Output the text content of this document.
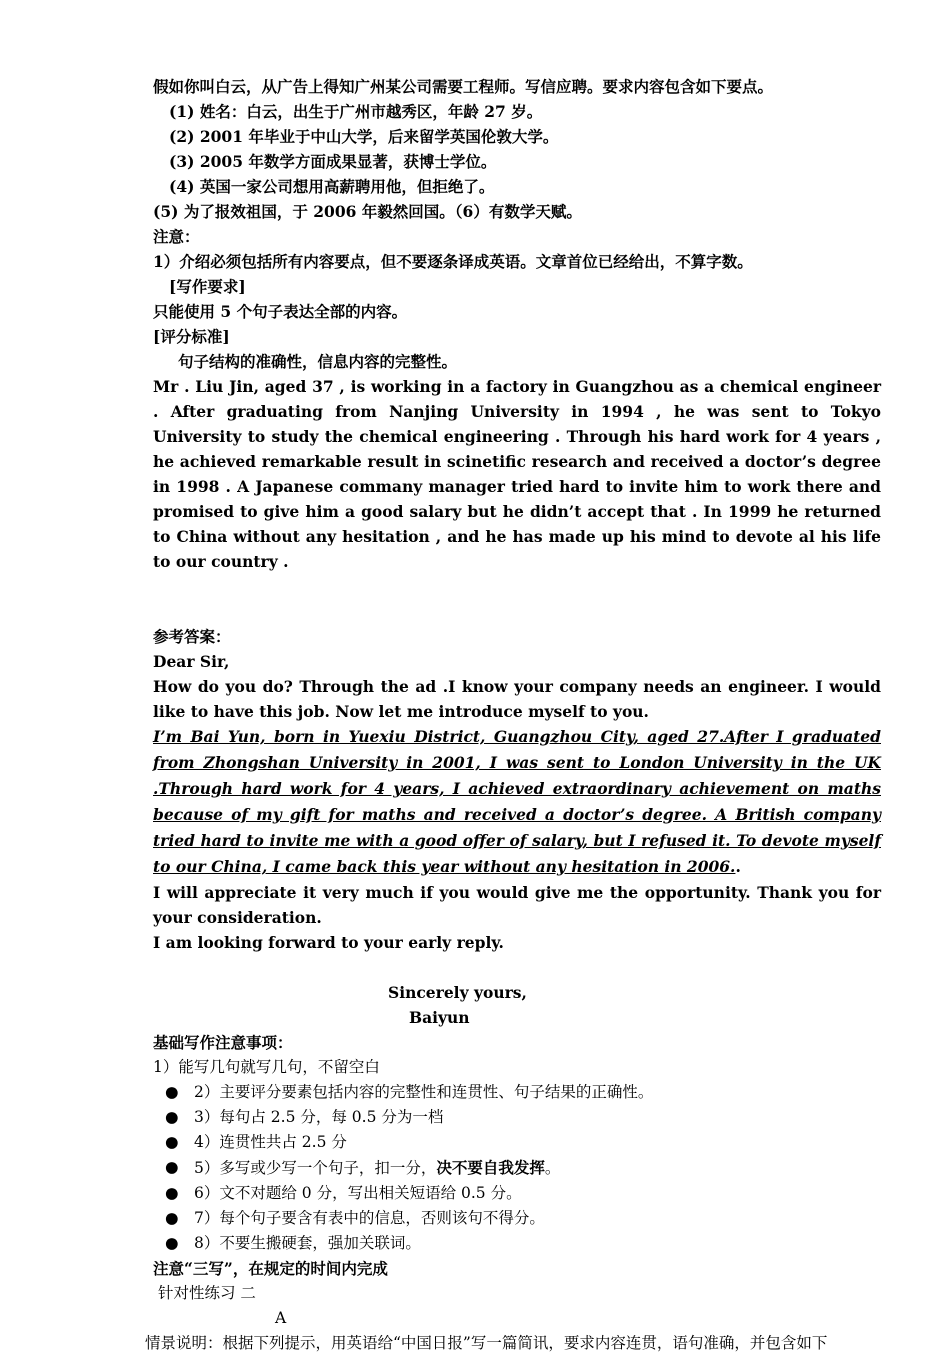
假如你叫白云，从广告上得知广州某公司需要工程师。写信应聘。要求内容包含如下要点。
(1) 姓名：白云，出生于广州市越秀区，年龄 27 岁。
(2) 2001 年毕业于中山大学，后来留学英国伦敦大学。
(3) 2005 年数学方面成果显著，获博士学位。
(4) 英国一家公司想用高薪聘用他，但拒绝了。
(5) 为了报效祖国，于 2006 年毅然回国。（6）有数学天赋。
注意：
1）介绍必须包括所有内容要点，但不要逐条译成英语。文章首位已经给出，不算字数。
[写作要求]
只能使用 5 个句子表达全部的内容。
[评分标准]
句子结构的准确性，信息内容的完整性。
Mr . Liu Jin, aged 37 , is working in a factory in Guangzhou as a chemical engineer . After graduating from Nanjing University in 1994 , he was sent to Tokyo University to study the chemical engineering . Through his hard work for 4 years , he achieved remarkable result in scinetific research and received a doctor’s degree in 1998 . A Japanese commany manager tried hard to invite him to work there and promised to give him a good salary but he didn’t accept that . In 1999 he returned to China without any hesitation , and he has made up his mind to devote al his life to our country .
参考答案：
Dear Sir,
How do you do? Through the ad .I know your company needs an engineer. I would like to have this job. Now let me introduce myself to you.
I’m Bai Yun, born in Yuexiu District, Guangzhou City, aged 27.After I graduated from Zhongshan University in 2001, I was sent to London University in the UK .Through hard work for 4 years, I achieved extraordinary achievement on maths because of my gift for maths and received a doctor’s degree. A British company tried hard to invite me with a good offer of salary, but I refused it. To devote myself to our China, I came back this year without any hesitation in 2006..
I will appreciate it very much if you would give me the opportunity. Thank you for your consideration.
I am looking forward to your early reply.
Sincerely yours,
Baiyun
基础写作注意事项：
1）能写几句就写几句，不留空白
● 2）主要评分要素包括内容的完整性和连贯性、句子结果的正确性。
● 3）每句占 2.5 分，每 0.5 分为一档
● 4）连贯性共占 2.5 分
● 5）多写或少写一个句子，扣一分，决不要自我发挥。
● 6）文不对题给 0 分，写出相关短语给 0.5 分。
● 7）每个句子要含有表中的信息，否则该句不得分。
● 8）不要生搬硬套，强加关联词。
注意“三写”，在规定的时间内完成
针对性练习 二
A
情景说明：根据下列提示，用英语给“中国日报”写一篇简讯，要求内容连贯，语句准确，并包含如下
